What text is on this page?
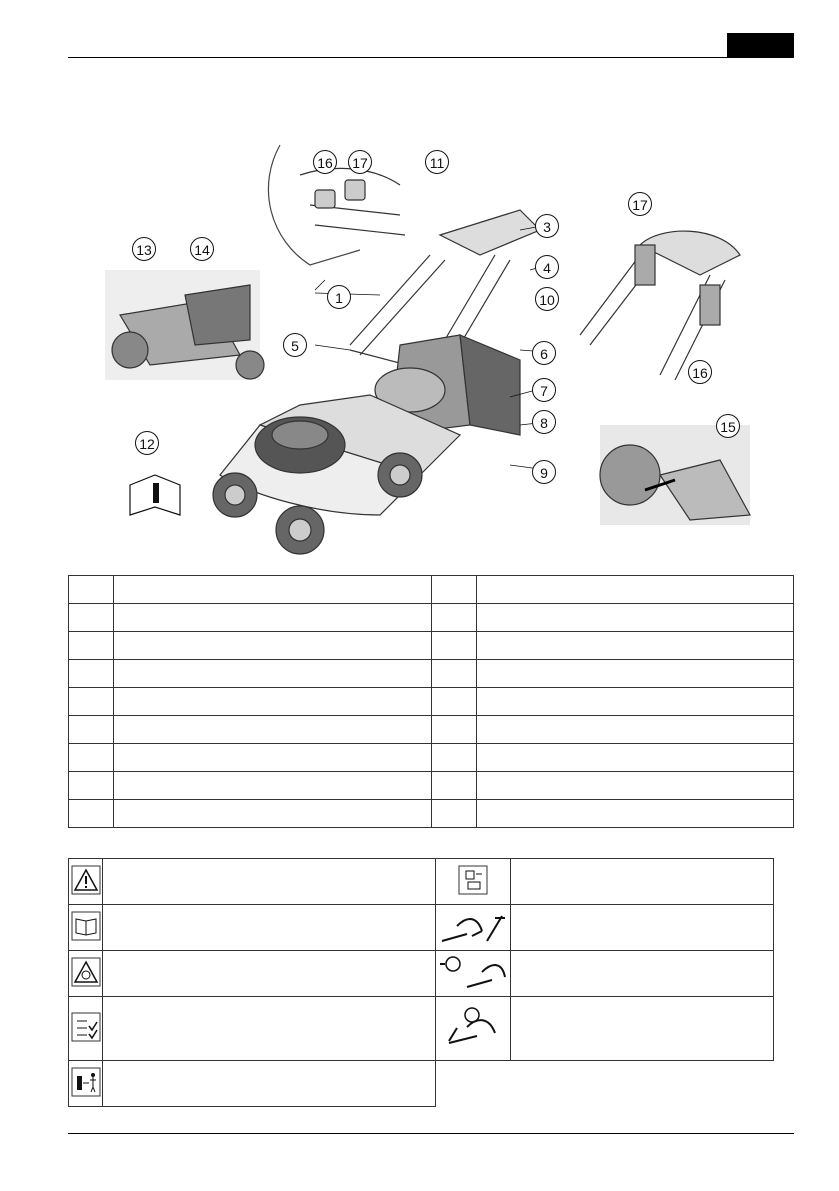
16 17	11
3
4
10
1
5	6
7
8
9
13	14
12
17
16
15
